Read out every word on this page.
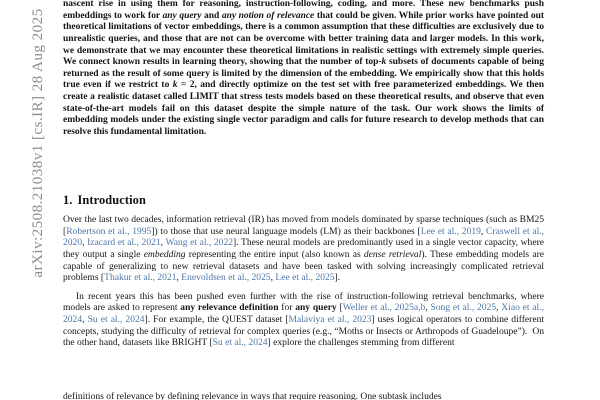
arXiv:2508.21038v1 [cs.IR] 28 Aug 2025

nascent rise in using them for reasoning, instruction-following, coding, and more. These new benchmarks push embeddings to work for any query and any notion of relevance that could be given. While prior works have pointed out theoretical limitations of vector embeddings, there is a common assumption that these difficulties are exclusively due to unrealistic queries, and those that are not can be overcome with better training data and larger models. In this work, we demonstrate that we may encounter these theoretical limitations in realistic settings with extremely simple queries. We connect known results in learning theory, showing that the number of top-k subsets of documents capable of being returned as the result of some query is limited by the dimension of the embedding. We empirically show that this holds true even if we restrict to k = 2, and directly optimize on the test set with free parameterized embeddings. We then create a realistic dataset called LIMIT that stress tests models based on these theoretical results, and observe that even state-of-the-art models fail on this dataset despite the simple nature of the task. Our work shows the limits of embedding models under the existing single vector paradigm and calls for future research to develop methods that can resolve this fundamental limitation.

1. Introduction

Over the last two decades, information retrieval (IR) has moved from models dominated by sparse techniques (such as BM25 [Robertson et al., 1995]) to those that use neural language models (LM) as their backbones [Lee et al., 2019, Craswell et al., 2020, Izacard et al., 2021, Wang et al., 2022]. These neural models are predominantly used in a single vector capacity, where they output a single embedding representing the entire input (also known as dense retrieval). These embedding models are capable of generalizing to new retrieval datasets and have been tasked with solving increasingly complicated retrieval problems [Thakur et al., 2021, Enevoldsen et al., 2025, Lee et al., 2025].

In recent years this has been pushed even further with the rise of instruction-following retrieval benchmarks, where models are asked to represent any relevance definition for any query [Weller et al., 2025a,b, Song et al., 2025, Xiao et al., 2024, Su et al., 2024]. For example, the QUEST dataset [Malaviya et al., 2023] uses logical operators to combine different concepts, studying the difficulty of retrieval for complex queries (e.g., “Moths or Insects or Arthropods of Guadeloupe”).  On the other hand, datasets like BRIGHT [Su et al., 2024] explore the challenges stemming from different

definitions of relevance by defining relevance in ways that require reasoning. One subtask includes
